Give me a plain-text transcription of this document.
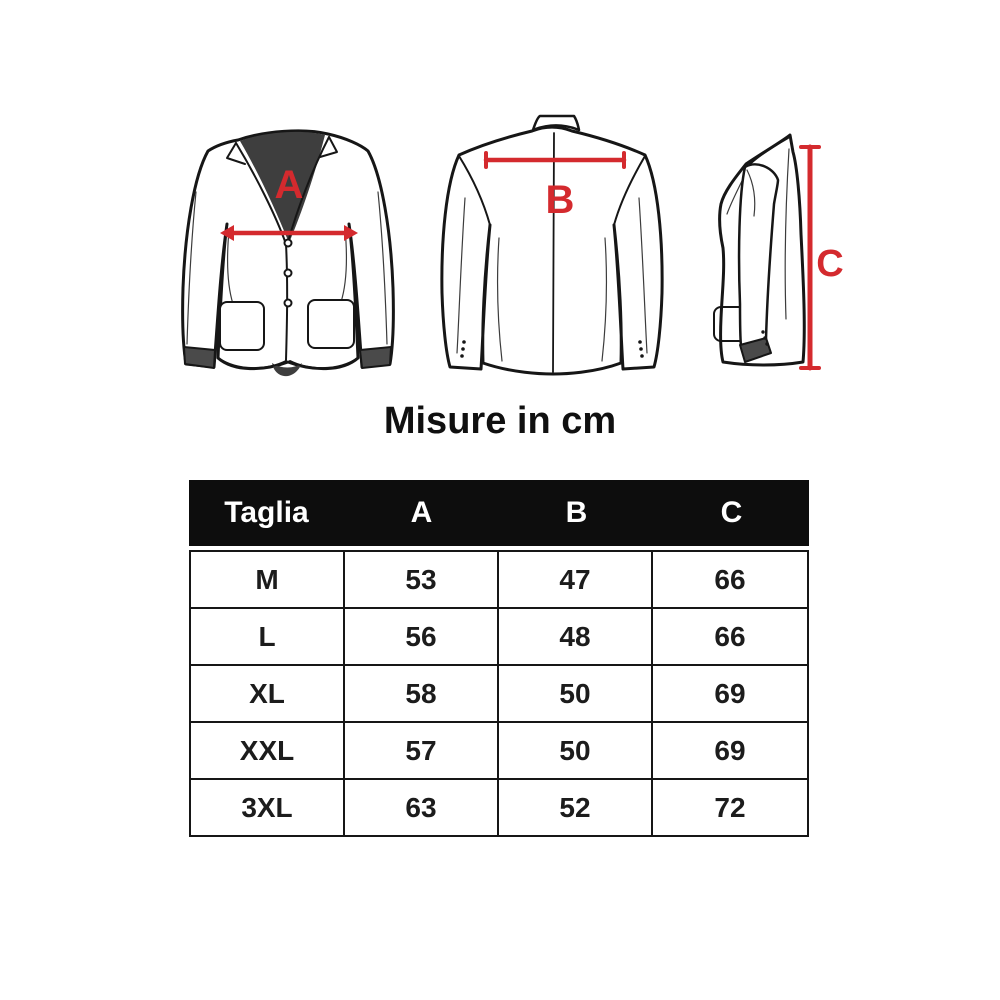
A	B
C
Misure in cm
Taglia	A	B	C
M	53	47	66
L	56	48	66
XL	58	50	69
XXL	57	50	69
3XL	63	52	72
